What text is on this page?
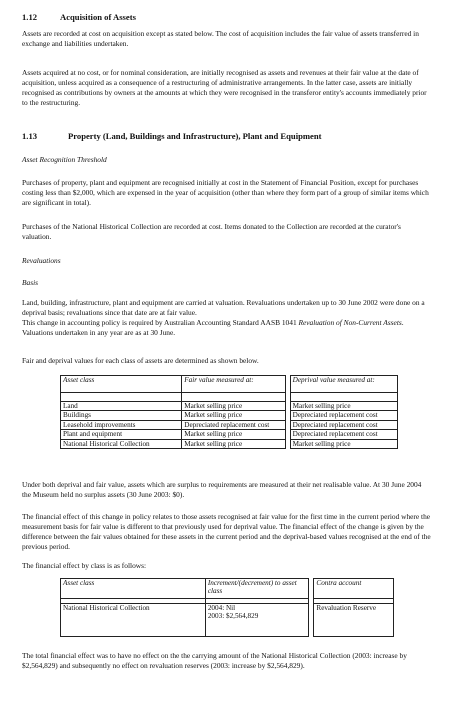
1.12	Acquisition of Assets
Assets are recorded at cost on acquisition except as stated below. The cost of acquisition includes the fair value of assets transferred in exchange and liabilities undertaken.
Assets acquired at no cost, or for nominal consideration, are initially recognised as assets and revenues at their fair value at the date of acquisition, unless acquired as a consequence of a restructuring of administrative arrangements. In the latter case, assets are initially recognised as contributions by owners at the amounts at which they were recognised in the transferor entity's accounts immediately prior to the restructuring.
1.13	Property (Land, Buildings and Infrastructure), Plant and Equipment
Asset Recognition Threshold
Purchases of property, plant and equipment are recognised initially at cost in the Statement of Financial Position, except for purchases costing less than $2,000, which are expensed in the year of acquisition (other than where they form part of a group of similar items which are significant in total).
Purchases of the National Historical Collection are recorded at cost. Items donated to the Collection are recorded at the curator's valuation.
Revaluations
Basis
Land, building, infrastructure, plant and equipment are carried at valuation. Revaluations undertaken up to 30 June 2002 were done on a deprival basis; revaluations since that date are at fair value.
This change in accounting policy is required by Australian Accounting Standard AASB 1041 Revaluation of Non-Current Assets. Valuations undertaken in any year are as at 30 June.
Fair and deprival values for each class of assets are determined as shown below.
Asset class	Fair value measured at:		Deprival value measured at:

Land	Market selling price		Market selling price
Buildings	Market selling price		Depreciated replacement cost
Leasehold improvements	Depreciated replacement cost		Depreciated replacement cost
Plant and equipment	Market selling price		Depreciated replacement cost
National Historical Collection	Market selling price		Market selling price
Under both deprival and fair value, assets which are surplus to requirements are measured at their net realisable value. At 30 June 2004 the Museum held no surplus assets (30 June 2003: $0).
The financial effect of this change in policy relates to those assets recognised at fair value for the first time in the current period where the measurement basis for fair value is different to that previously used for deprival value. The financial effect of the change is given by the difference between the fair values obtained for these assets in the current period and the deprival-based values recognised at the end of the previous period.
The financial effect by class is as follows:
Asset class	Increment/(decrement) to asset class		Contra account

National Historical Collection	2004: Nil
2003: $2,564,829		Revaluation Reserve
The total financial effect was to have no effect on the the carrying amount of the National Historical Collection (2003: increase by $2,564,829) and subsequently no effect on revaluation reserves (2003: increase by $2,564,829).
